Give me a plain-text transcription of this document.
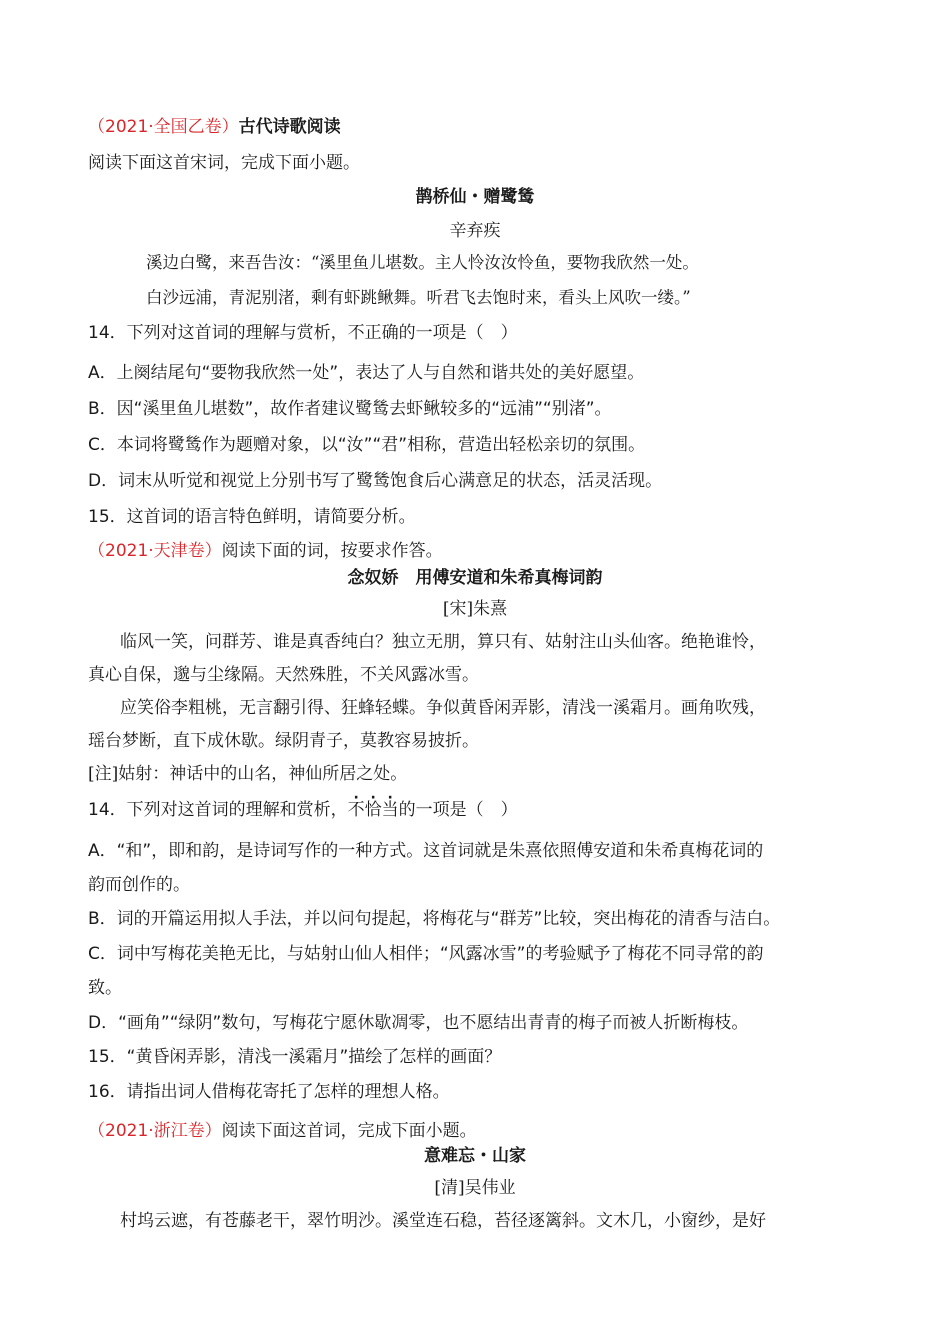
（2021·全国乙卷）古代诗歌阅读
阅读下面这首宋词，完成下面小题。
鹊桥仙・赠鹭鸶
辛弃疾
溪边白鹭，来吾告汝：“溪里鱼儿堪数。主人怜汝汝怜鱼，要物我欣然一处。
白沙远浦，青泥别渚，剩有虾跳鳅舞。听君飞去饱时来，看头上风吹一缕。”
14．下列对这首词的理解与赏析，不正确的一项是（　）
A．上阕结尾句“要物我欣然一处”，表达了人与自然和谐共处的美好愿望。
B．因“溪里鱼儿堪数”，故作者建议鹭鸶去虾鳅较多的“远浦”“别渚”。
C．本词将鹭鸶作为题赠对象，以“汝”“君”相称，营造出轻松亲切的氛围。
D．词末从听觉和视觉上分别书写了鹭鸶饱食后心满意足的状态，活灵活现。
15．这首词的语言特色鲜明，请简要分析。
（2021·天津卷）阅读下面的词，按要求作答。
念奴娇　用傅安道和朱希真梅词韵
[宋]朱熹
临风一笑，问群芳、谁是真香纯白？独立无朋，算只有、姑射注山头仙客。绝艳谁怜，
真心自保，邈与尘缘隔。天然殊胜，不关风露冰雪。
应笑俗李粗桃，无言翻引得、狂蜂轻蝶。争似黄昏闲弄影，清浅一溪霜月。画角吹残，
瑶台梦断，直下成休歇。绿阴青子，莫教容易披折。
[注]姑射：神话中的山名，神仙所居之处。
14．下列对这首词的理解和赏析，不恰当的一项是（　）
A．“和”，即和韵，是诗词写作的一种方式。这首词就是朱熹依照傅安道和朱希真梅花词的
韵而创作的。
B．词的开篇运用拟人手法，并以问句提起，将梅花与“群芳”比较，突出梅花的清香与洁白。
C．词中写梅花美艳无比，与姑射山仙人相伴；“风露冰雪”的考验赋予了梅花不同寻常的韵
致。
D．“画角”“绿阴”数句，写梅花宁愿休歇凋零，也不愿结出青青的梅子而被人折断梅枝。
15．“黄昏闲弄影，清浅一溪霜月”描绘了怎样的画面？
16．请指出词人借梅花寄托了怎样的理想人格。
（2021·浙江卷）阅读下面这首词，完成下面小题。
意难忘・山家
[清]吴伟业
村坞云遮，有苍藤老干，翠竹明沙。溪堂连石稳，苔径逐篱斜。文木几，小窗纱，是好
